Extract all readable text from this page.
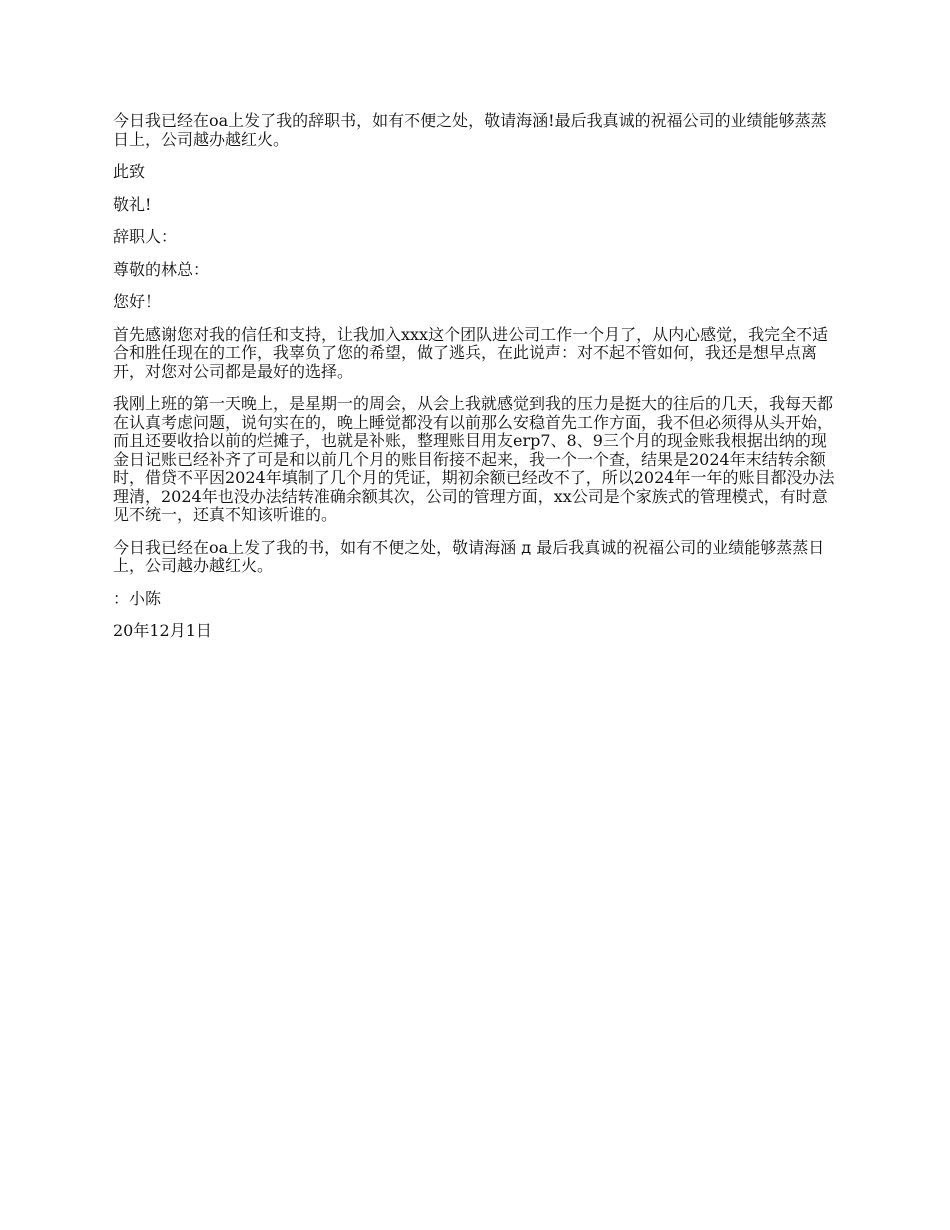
今日我已经在oa上发了我的辞职书，如有不便之处，敬请海涵!最后我真诚的祝福公司的业绩能够蒸蒸日上，公司越办越红火。

此致

敬礼!

辞职人：

尊敬的林总：

您好！

首先感谢您对我的信任和支持，让我加入xxx这个团队进公司工作一个月了，从内心感觉，我完全不适合和胜任现在的工作，我辜负了您的希望，做了逃兵，在此说声：对不起不管如何，我还是想早点离开，对您对公司都是最好的选择。

我刚上班的第一天晚上，是星期一的周会，从会上我就感觉到我的压力是挺大的往后的几天，我每天都在认真考虑问题，说句实在的，晚上睡觉都没有以前那么安稳首先工作方面，我不但必须得从头开始，而且还要收拾以前的烂摊子，也就是补账，整理账目用友erp7、8、9三个月的现金账我根据出纳的现金日记账已经补齐了可是和以前几个月的账目衔接不起来，我一个一个查，结果是2024年末结转余额时，借贷不平因2024年填制了几个月的凭证，期初余额已经改不了，所以2024年一年的账目都没办法理清，2024年也没办法结转准确余额其次，公司的管理方面，xx公司是个家族式的管理模式，有时意见不统一，还真不知该听谁的。

今日我已经在oa上发了我的书，如有不便之处，敬请海涵 д 最后我真诚的祝福公司的业绩能够蒸蒸日上，公司越办越红火。

：小陈

20年12月1日
